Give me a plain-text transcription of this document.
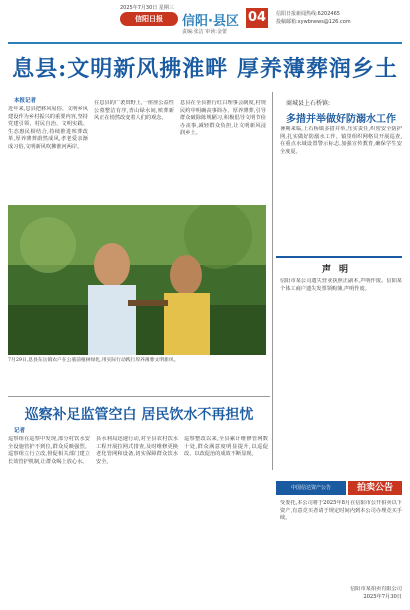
2025年7月30日 星期三
信阳日报	信阳·县区 04
责编:张洁 审读:金蕾
信阳日报新闻热线:6202465
投稿邮箱:xywbnews@126.com
息县:文明新风拂淮畔 厚养薄葬润乡土
本报记者
近年来,息县把移风易俗、文明乡风建设作为乡村振兴的重要内容,坚持党建引领、村民自治、文明实践、生态惠民相结合,持续推进殡葬改革,厚养薄葬蔚然成风,孝老爱亲渐成习俗,文明新风吹拂淮河两岸。
在息县的广袤田野上,一座座公益性公墓整洁有序,青山绿水间,殡葬新风正在悄然改变着人们的观念。
息县在全县推行红白理事会制度,村规民约中明确丧事简办、厚养薄葬,引导群众破除陈规陋习,积极倡导文明节俭办丧事,减轻群众负担,让文明新风浸润乡土。
7月29日,息县东岳镇农户在公墓前植树绿化,用实际行动践行厚养薄葬文明新风。
商城县上石桥镇:
多措并举做好防溺水工作
暑期来临,上石桥镇多措并举,压实责任,织密安全防护网,扎实做好防溺水工作。镇里组织网格员开展巡查,在重点水域设置警示标志,加强宣传教育,确保学生安全度夏。
声明
信阳市某公司遗失营业执照正副本,声明作废。信阳某个体工商户遗失发票领购簿,声明作废。
中国信达资产公告	拍卖公告
受委托,本公司将于2025年8月在信阳市公开拍卖以下资产,有意竞买者请于规定时间内到本公司办理竞买手续。
信阳市某拍卖有限公司
2025年7月30日
巡察补足监管空白 居民饮水不再担忧
记者
巡察组在巡察中发现,部分村饮水安全设施管护不到位,群众反映强烈。巡察组立行立改,督促相关部门建立长效管护机制,让群众喝上放心水。
县水利局迅速行动,对全县农村饮水工程开展拉网式排查,及时维修更换老化管网和设备,切实保障群众饮水安全。
巡察整改以来,全县累计维修管网数十处,群众满意度明显提升,以巡促改、以改促治的成效不断显现。
